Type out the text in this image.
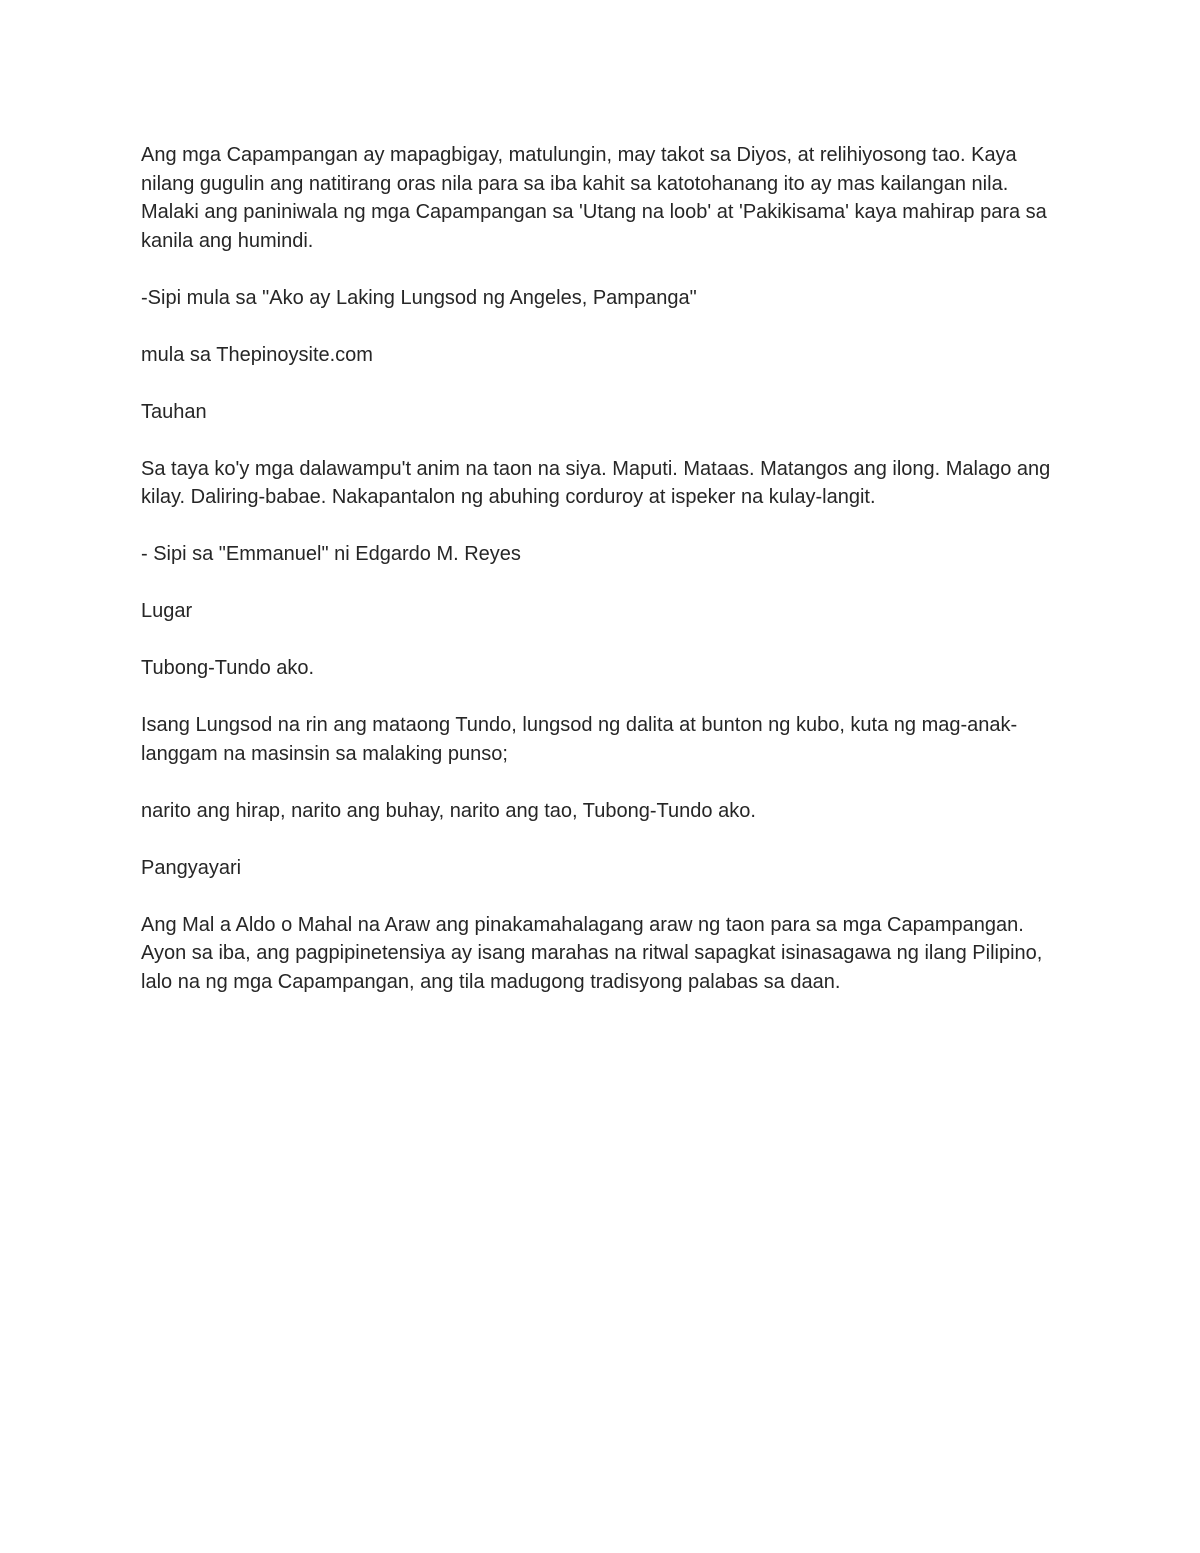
Ang mga Capampangan ay mapagbigay, matulungin, may takot sa Diyos, at relihiyosong tao. Kaya nilang gugulin ang natitirang oras nila para sa iba kahit sa katotohanang ito ay mas kailangan nila. Malaki ang paniniwala ng mga Capampangan sa 'Utang na loob' at 'Pakikisama' kaya mahirap para sa kanila ang humindi.

-Sipi mula sa "Ako ay Laking Lungsod ng Angeles, Pampanga"

mula sa Thepinoysite.com

Tauhan

Sa taya ko'y mga dalawampu't anim na taon na siya. Maputi. Mataas. Matangos ang ilong. Malago ang kilay. Daliring-babae. Nakapantalon ng abuhing corduroy at ispeker na kulay-langit.

- Sipi sa "Emmanuel" ni Edgardo M. Reyes

Lugar

Tubong-Tundo ako.

Isang Lungsod na rin ang mataong Tundo, lungsod ng dalita at bunton ng kubo, kuta ng mag-anak-langgam na masinsin sa malaking punso;

narito ang hirap, narito ang buhay, narito ang tao, Tubong-Tundo ako.

Pangyayari

Ang Mal a Aldo o Mahal na Araw ang pinakamahalagang araw ng taon para sa mga Capampangan. Ayon sa iba, ang pagpipinetensiya ay isang marahas na ritwal sapagkat isinasagawa ng ilang Pilipino, lalo na ng mga Capampangan, ang tila madugong tradisyong palabas sa daan.
